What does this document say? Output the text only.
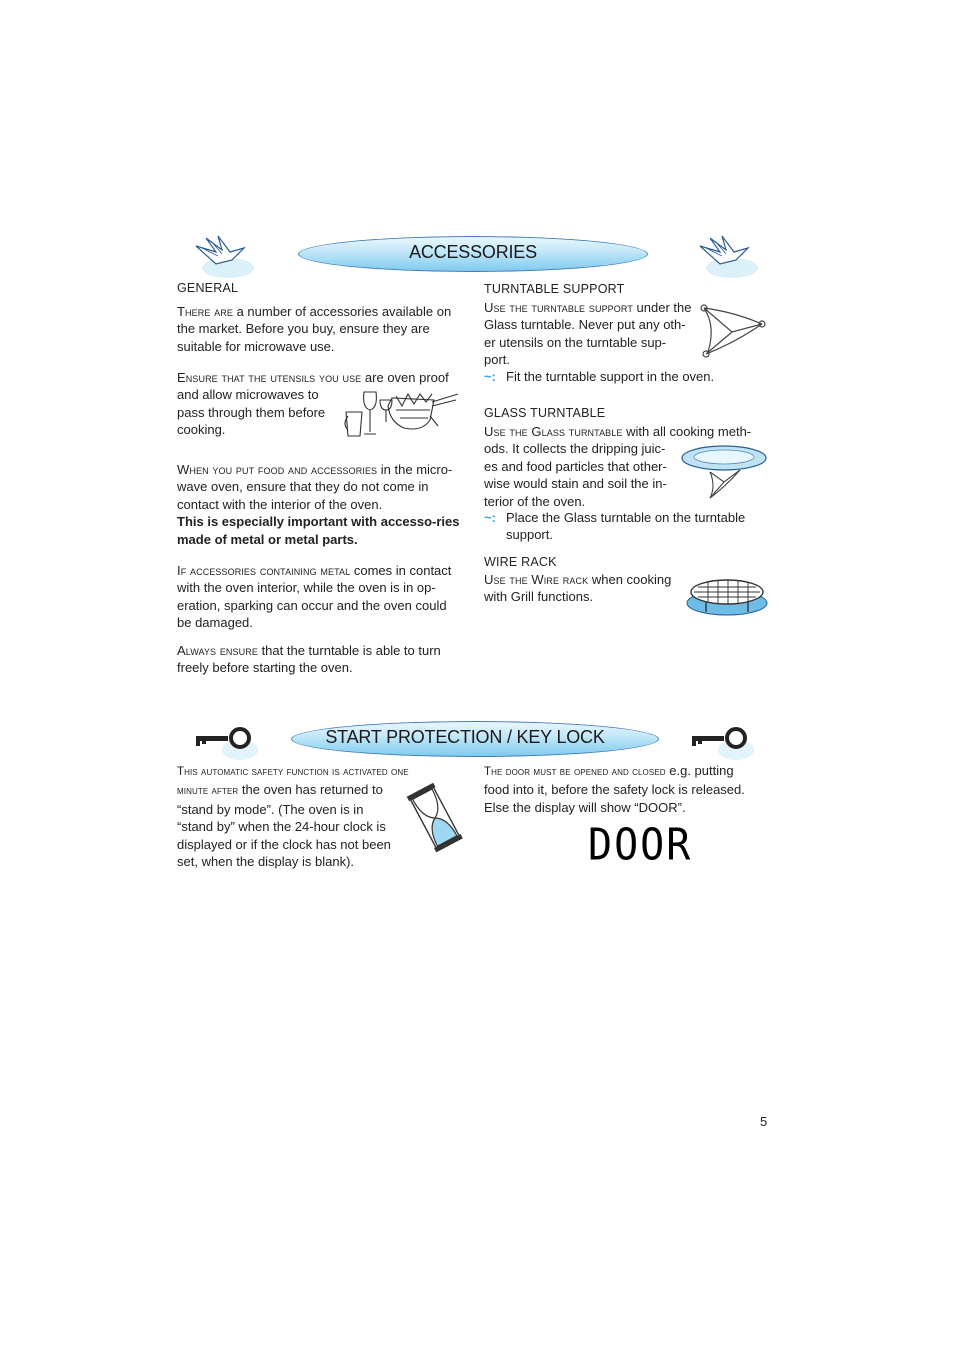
ACCESSORIES
GENERAL
There are a number of accessories available on the market. Before you buy, ensure they are suitable for microwave use.
Ensure that the utensils you use are oven proof
and allow microwaves to
pass through them before
cooking.
When you put food and accessories in the micro-wave oven, ensure that they do not come in contact with the interior of the oven.
This is especially important with accesso-ries made of metal or metal parts.
If accessories containing metal comes in contact with the oven interior, while the oven is in op-eration, sparking can occur and the oven could be damaged.
Always ensure that the turntable is able to turn freely before starting the oven.
TURNTABLE SUPPORT
Use the turntable support under the
Glass turntable. Never put any oth-
er utensils on the turntable sup-
port.
~: Fit the turntable support in the oven.
GLASS TURNTABLE
Use the Glass turntable with all cooking meth-
ods. It collects the dripping juic-
es and food particles that other-
wise would stain and soil the in-
terior of the oven.
~: Place the Glass turntable on the turntable support.
WIRE RACK
Use the Wire rack when cooking
with Grill functions.
START PROTECTION / KEY LOCK
This automatic safety function is activated one
minute after the oven has returned to
“stand by mode”. (The oven is in
“stand by” when the 24-hour clock is
displayed or if the clock has not been
set, when the display is blank).
The door must be opened and closed e.g. putting
food into it, before the safety lock is released.
Else the display will show “DOOR”.
DOOR
5
